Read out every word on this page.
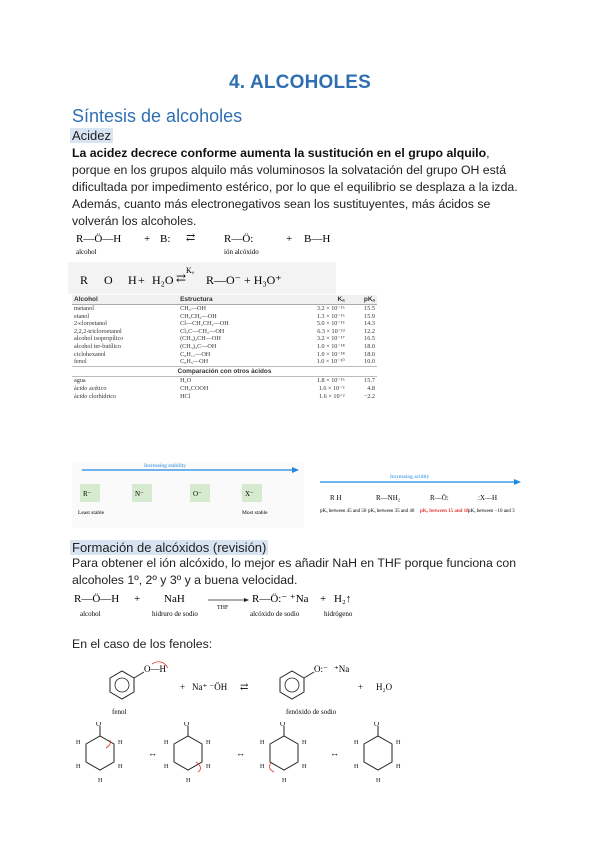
4. ALCOHOLES
Síntesis de alcoholes
Acidez
La acidez decrece conforme aumenta la sustitución en el grupo alquilo,
porque en los grupos alquilo más voluminosos la solvatación del grupo OH está dificultada por impedimento estérico, por lo que el equilibrio se desplaza a la izda. Además, cuanto más electronegativos sean los sustituyentes, más ácidos se volverán los alcoholes.
R—Ö—H + B: ⇄	R—Ö:	+ B—H
alcohol	ión alcóxido
R O H + H₂O
Kₐ
⇄ R—O⁻ + H₃O⁺
Alcohol	Estructura	Kₐ	pKₐ
metanol	CH₃—OH	3.2 × 10⁻¹⁶	15.5
etanol	CH₃CH₂—OH	1.3 × 10⁻¹⁶	15.9
2-cloroetanol	Cl—CH₂CH₂—OH	5.0 × 10⁻¹⁵	14.3
2,2,2-tricloroetanol	Cl₃C—CH₂—OH	6.3 × 10⁻¹³	12.2
alcohol isopropílico	(CH₃)₂CH—OH	3.2 × 10⁻¹⁷	16.5
alcohol ter-butílico	(CH₃)₃C—OH	1.0 × 10⁻¹⁸	18.0
ciclohexanol	C₆H₁₁—OH	1.0 × 10⁻¹⁸	18.0
fenol	C₆H₅—OH	1.0 × 10⁻¹⁰	10.0
Comparación con otros ácidos			
agua	H₂O	1.8 × 10⁻¹⁶	15.7
ácido acético	CH₃COOH	1.6 × 10⁻⁵	4.8
ácido clorhídrico	HCl	1.6 × 10⁺²	−2.2
Increasing stability
R⁻	N⁻	O⁻	X⁻
Least stable	Most stable
Increasing acidity
R H	R—NH₂	R—Ö:	:X—H
pKₐ between 45 and 50 pKₐ between 35 and 40 pKₐ between 15 and 18 pKₐ between −10 and 3
Formación de alcóxidos (revisión)
Para obtener el ión alcóxido, lo mejor es añadir NaH en THF porque funciona con alcoholes 1º, 2º y 3º y a buena velocidad.
R—Ö—H + NaH
THF
R—Ö:⁻ ⁺Na + H₂↑
alcohol	hidruro de sodio	alcóxido de sodio	hidrógeno
En el caso de los fenoles:
O—H
fenol
+ Na⁺ ⁻ÖH ⇄
O:⁻ ⁺Na
fenóxido de sodio
+ H₂O
O
H	H
H	H
H
↔
O
H	H
H	H
H
↔
O
H	H
H	H
H
↔
O
H	H
H	H
H
